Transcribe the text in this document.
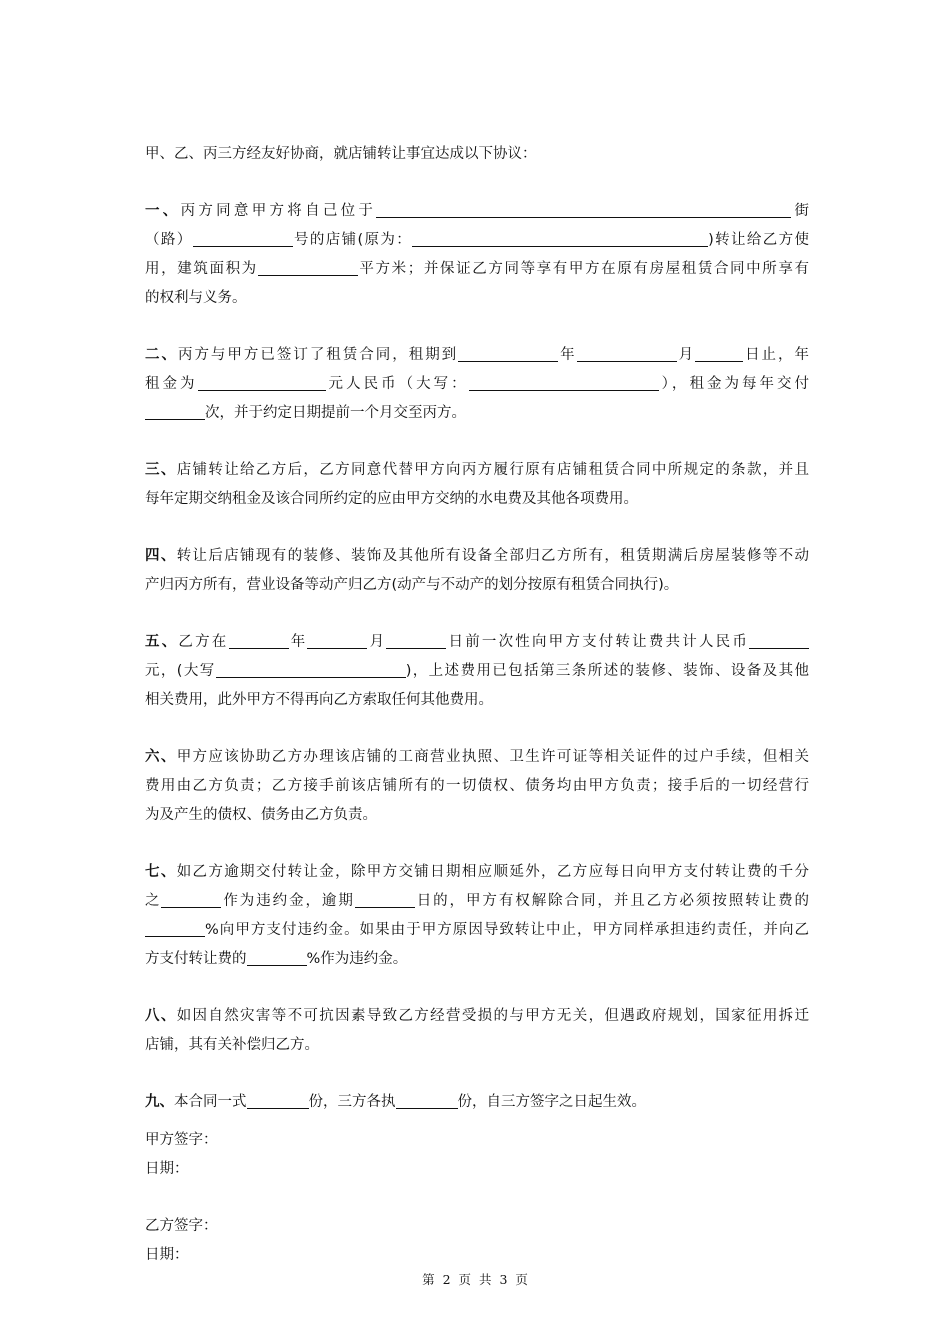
甲、乙、丙三方经友好协商，就店铺转让事宜达成以下协议：
一、丙方同意甲方将自己位于	街
（路）	号的店铺(原为：	)转让给乙方使
用，建筑面积为	平方米；并保证乙方同等享有甲方在原有房屋租赁合同中所享有
的权利与义务。
二、丙方与甲方已签订了租赁合同，租期到	年	月	日止，年
租金为	元人民币（大写：	），租金为每年交付
次，并于约定日期提前一个月交至丙方。
三、店铺转让给乙方后，乙方同意代替甲方向丙方履行原有店铺租赁合同中所规定的条款，并且
每年定期交纳租金及该合同所约定的应由甲方交纳的水电费及其他各项费用。
四、转让后店铺现有的装修、装饰及其他所有设备全部归乙方所有，租赁期满后房屋装修等不动
产归丙方所有，营业设备等动产归乙方(动产与不动产的划分按原有租赁合同执行)。
五、乙方在	年	月	日前一次性向甲方支付转让费共计人民币
元，(大写	)，上述费用已包括第三条所述的装修、装饰、设备及其他
相关费用，此外甲方不得再向乙方索取任何其他费用。
六、甲方应该协助乙方办理该店铺的工商营业执照、卫生许可证等相关证件的过户手续，但相关
费用由乙方负责；乙方接手前该店铺所有的一切债权、债务均由甲方负责；接手后的一切经营行
为及产生的债权、债务由乙方负责。
七、如乙方逾期交付转让金，除甲方交铺日期相应顺延外，乙方应每日向甲方支付转让费的千分
之	作为违约金，逾期	日的，甲方有权解除合同，并且乙方必须按照转让费的
%向甲方支付违约金。如果由于甲方原因导致转让中止，甲方同样承担违约责任，并向乙
方支付转让费的	%作为违约金。
八、如因自然灾害等不可抗因素导致乙方经营受损的与甲方无关，但遇政府规划，国家征用拆迁
店铺，其有关补偿归乙方。
九、本合同一式	份，三方各执	份，自三方签字之日起生效。
甲方签字：
日期：
乙方签字：
日期：
第 2 页 共 3 页
